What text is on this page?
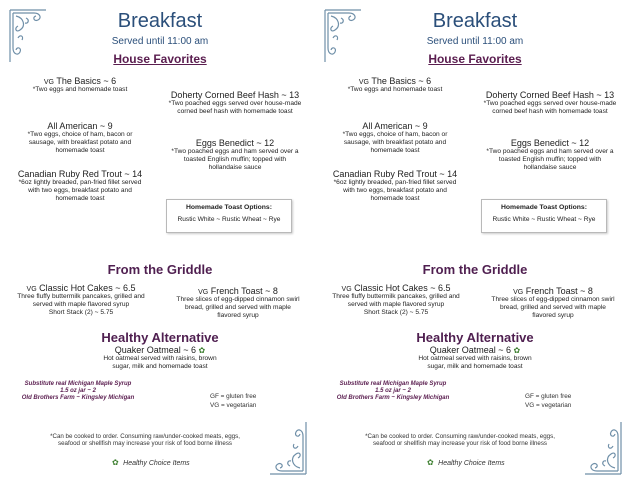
Breakfast
Served until 11:00 am
House Favorites
VG The Basics ~ 6
*Two eggs and homemade toast
All American ~ 9
*Two eggs, choice of ham, bacon or sausage, with breakfast potato and homemade toast
Canadian Ruby Red Trout ~ 14
*6oz lightly breaded, pan-fried fillet served with two eggs, breakfast potato and homemade toast
Doherty Corned Beef Hash ~ 13
*Two poached eggs served over house-made corned beef hash with homemade toast
Eggs Benedict ~ 12
*Two poached eggs and ham served over a toasted English muffin; topped with hollandaise sauce
Homemade Toast Options:
Rustic White ~ Rustic Wheat ~ Rye
From the Griddle
VG Classic Hot Cakes ~ 6.5
Three fluffy buttermilk pancakes, grilled and served with maple flavored syrup
Short Stack (2) ~ 5.75
VG French Toast ~ 8
Three slices of egg-dipped cinnamon swirl bread, grilled and served with maple flavored syrup
Healthy Alternative
Quaker Oatmeal ~ 6 ✿
Hot oatmeal served with raisins, brown sugar, milk and homemade toast
Substitute real Michigan Maple Syrup
1.5 oz jar ~ 2
Old Brothers Farm ~ Kingsley Michigan	GF = gluten free
VG = vegetarian
*Can be cooked to order. Consuming raw/under-cooked meats, eggs, seafood or shellfish may increase your risk of food borne illness
✿ Healthy Choice Items
Breakfast
Served until 11:00 am
House Favorites
VG The Basics ~ 6
*Two eggs and homemade toast
All American ~ 9
*Two eggs, choice of ham, bacon or sausage, with breakfast potato and homemade toast
Canadian Ruby Red Trout ~ 14
*6oz lightly breaded, pan-fried fillet served with two eggs, breakfast potato and homemade toast
Doherty Corned Beef Hash ~ 13
*Two poached eggs served over house-made corned beef hash with homemade toast
Eggs Benedict ~ 12
*Two poached eggs and ham served over a toasted English muffin; topped with hollandaise sauce
Homemade Toast Options:
Rustic White ~ Rustic Wheat ~ Rye
From the Griddle
VG Classic Hot Cakes ~ 6.5
Three fluffy buttermilk pancakes, grilled and served with maple flavored syrup
Short Stack (2) ~ 5.75
VG French Toast ~ 8
Three slices of egg-dipped cinnamon swirl bread, grilled and served with maple flavored syrup
Healthy Alternative
Quaker Oatmeal ~ 6 ✿
Hot oatmeal served with raisins, brown sugar, milk and homemade toast
Substitute real Michigan Maple Syrup
1.5 oz jar ~ 2
Old Brothers Farm ~ Kingsley Michigan	GF = gluten free
VG = vegetarian
*Can be cooked to order. Consuming raw/under-cooked meats, eggs, seafood or shellfish may increase your risk of food borne illness
✿ Healthy Choice Items
